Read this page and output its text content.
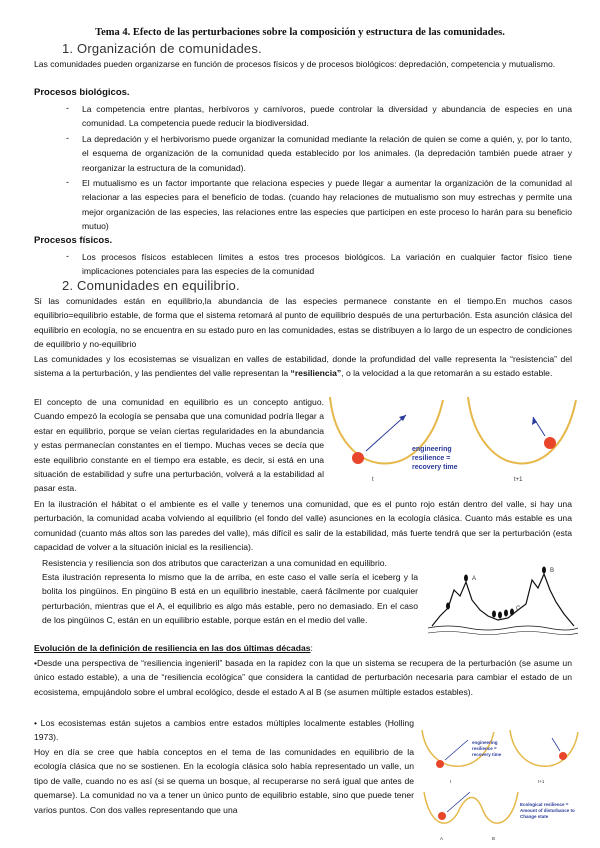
Tema 4. Efecto de las perturbaciones sobre la composición y estructura de las comunidades.
1. Organización de comunidades.
Las comunidades pueden organizarse en función de procesos físicos y de procesos biológicos: depredación, competencia y mutualismo.
Procesos biológicos.
- La competencia entre plantas, herbívoros y carnívoros, puede controlar la diversidad y abundancia de especies en una comunidad. La competencia puede reducir la biodiversidad.
- La depredación y el herbivorismo puede organizar la comunidad mediante la relación de quien se come a quién, y, por lo tanto, el esquema de organización de la comunidad queda establecido por los animales. (la depredación también puede atraer y reorganizar la estructura de la comunidad).
- El mutualismo es un factor importante que relaciona especies y puede llegar a aumentar la organización de la comunidad al relacionar a las especies para el beneficio de todas. (cuando hay relaciones de mutualismo son muy estrechas y permite una mejor organización de las especies, las relaciones entre las especies que participen en este proceso lo harán para su beneficio mutuo)
Procesos físicos.
- Los procesos físicos establecen límites a estos tres procesos biológicos. La variación en cualquier factor físico tiene implicaciones potenciales para las especies de la comunidad
2. Comunidades en equilibrio.
Si las comunidades están en equilibrio,la abundancia de las especies permanece constante en el tiempo.En muchos casos equilibrio=equilibrio estable, de forma que el sistema retomará al punto de equilibrio después de una perturbación. Esta asunción clásica del equilibrio en ecología, no se encuentra en su estado puro en las comunidades, estas se distribuyen a lo largo de un espectro de condiciones de equilibrio y no-equilibrio
Las comunidades y los ecosistemas se visualizan en valles de estabilidad, donde la profundidad del valle representa la “resistencia” del sistema a la perturbación, y las pendientes del valle representan la “resiliencia”, o la velocidad a la que retomarán a su estado estable.
El concepto de una comunidad en equilibrio es un concepto antiguo. Cuando empezó la ecología se pensaba que una comunidad podría llegar a estar en equilibrio, porque se veían ciertas regularidades en la abundancia y estas permanecían constantes en el tiempo. Muchas veces se decía que este equilibrio constante en el tiempo era estable, es decir, si está en una situación de estabilidad y sufre una perturbación, volverá a la estabilidad al pasar esta.
engineering
resilience =
recovery time
t	t+1
En la ilustración el hábitat o el ambiente es el valle y tenemos una comunidad, que es el punto rojo están dentro del valle, si hay una perturbación, la comunidad acaba volviendo al equilibrio (el fondo del valle) asunciones en la ecología clásica. Cuanto más estable es una comunidad (cuanto más altos son las paredes del valle), más difícil es salir de la estabilidad, más fuerte tendrá que ser la perturbación (esta capacidad de volver a la situación inicial es la resiliencia).
Resistencia y resiliencia son dos atributos que caracterizan a una comunidad en equilibrio.
Esta ilustración representa lo mismo que la de arriba, en este caso el valle sería el iceberg y la bolita los pingüinos. En pingüino B está en un equilibrio inestable, caerá fácilmente por cualquier perturbación, mientras que el A, el equilibrio es algo más estable, pero no demasiado. En el caso de los pingüinos C, están en un equilibrio estable, porque están en el medio del valle.
A
B
C
Evolución de la definición de resiliencia en las dos últimas décadas:
•Desde una perspectiva de “resiliencia ingenieril” basada en la rapidez con la que un sistema se recupera de la perturbación (se asume un único estado estable), a una de “resiliencia ecológica” que considera la cantidad de perturbación necesaria para cambiar el estado de un ecosistema, empujándolo sobre el umbral ecológico, desde el estado A al B (se asumen múltiple estados estables).
• Los ecosistemas están sujetos a cambios entre estados múltiples localmente estables (Holling 1973).
Hoy en día se cree que había conceptos en el tema de las comunidades en equilibrio de la ecología clásica que no se sostienen. En la ecología clásica solo había representado un valle, un tipo de valle, cuando no es así (si se quema un bosque, al recuperarse no será igual que antes de quemarse). La comunidad no va a tener un único punto de equilibrio estable, sino que puede tener varios puntos. Con dos valles representando que una
engineering
resilience =
recovery time
t	t+1
Ecological resilience =
Amount of disturbance to
Change state
A	B
